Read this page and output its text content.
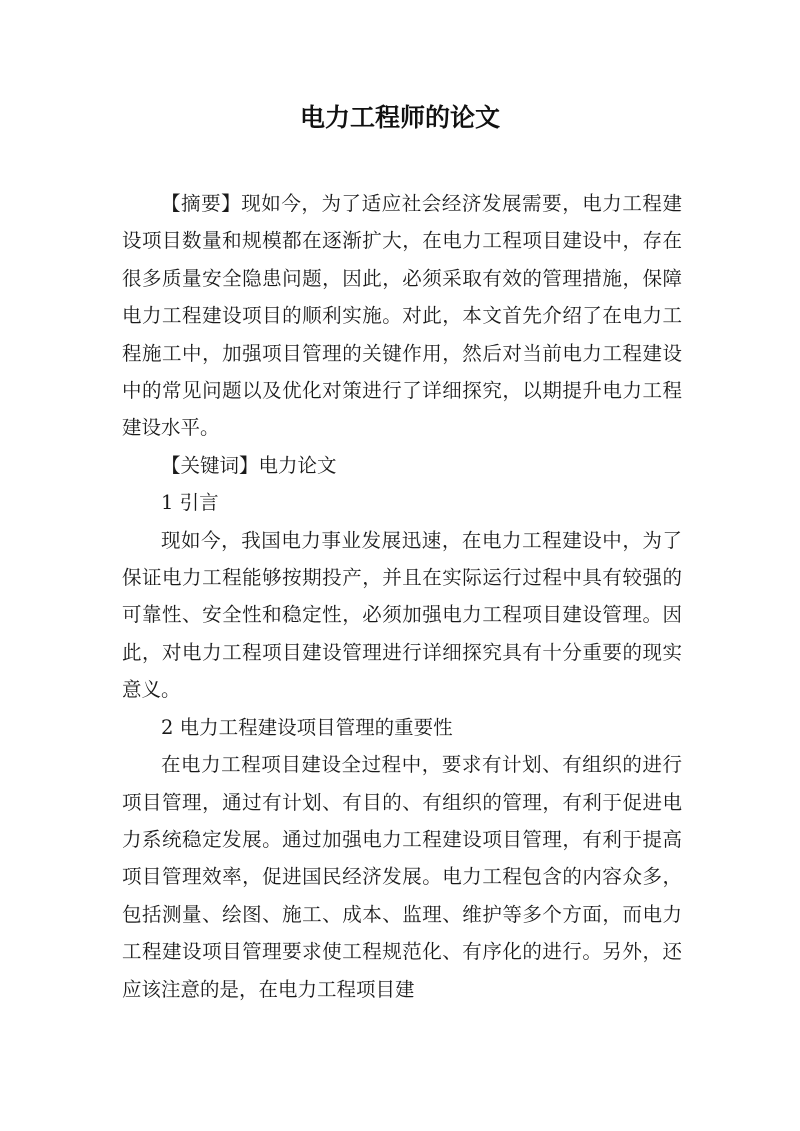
电力工程师的论文

【摘要】现如今，为了适应社会经济发展需要，电力工程建设项目数量和规模都在逐渐扩大，在电力工程项目建设中，存在很多质量安全隐患问题，因此，必须采取有效的管理措施，保障电力工程建设项目的顺利实施。对此，本文首先介绍了在电力工程施工中，加强项目管理的关键作用，然后对当前电力工程建设中的常见问题以及优化对策进行了详细探究，以期提升电力工程建设水平。

【关键词】电力论文

1 引言

现如今，我国电力事业发展迅速，在电力工程建设中，为了保证电力工程能够按期投产，并且在实际运行过程中具有较强的可靠性、安全性和稳定性，必须加强电力工程项目建设管理。因此，对电力工程项目建设管理进行详细探究具有十分重要的现实意义。

2 电力工程建设项目管理的重要性

在电力工程项目建设全过程中，要求有计划、有组织的进行项目管理，通过有计划、有目的、有组织的管理，有利于促进电力系统稳定发展。通过加强电力工程建设项目管理，有利于提高项目管理效率，促进国民经济发展。电力工程包含的内容众多，包括测量、绘图、施工、成本、监理、维护等多个方面，而电力工程建设项目管理要求使工程规范化、有序化的进行。另外，还应该注意的是，在电力工程项目建
